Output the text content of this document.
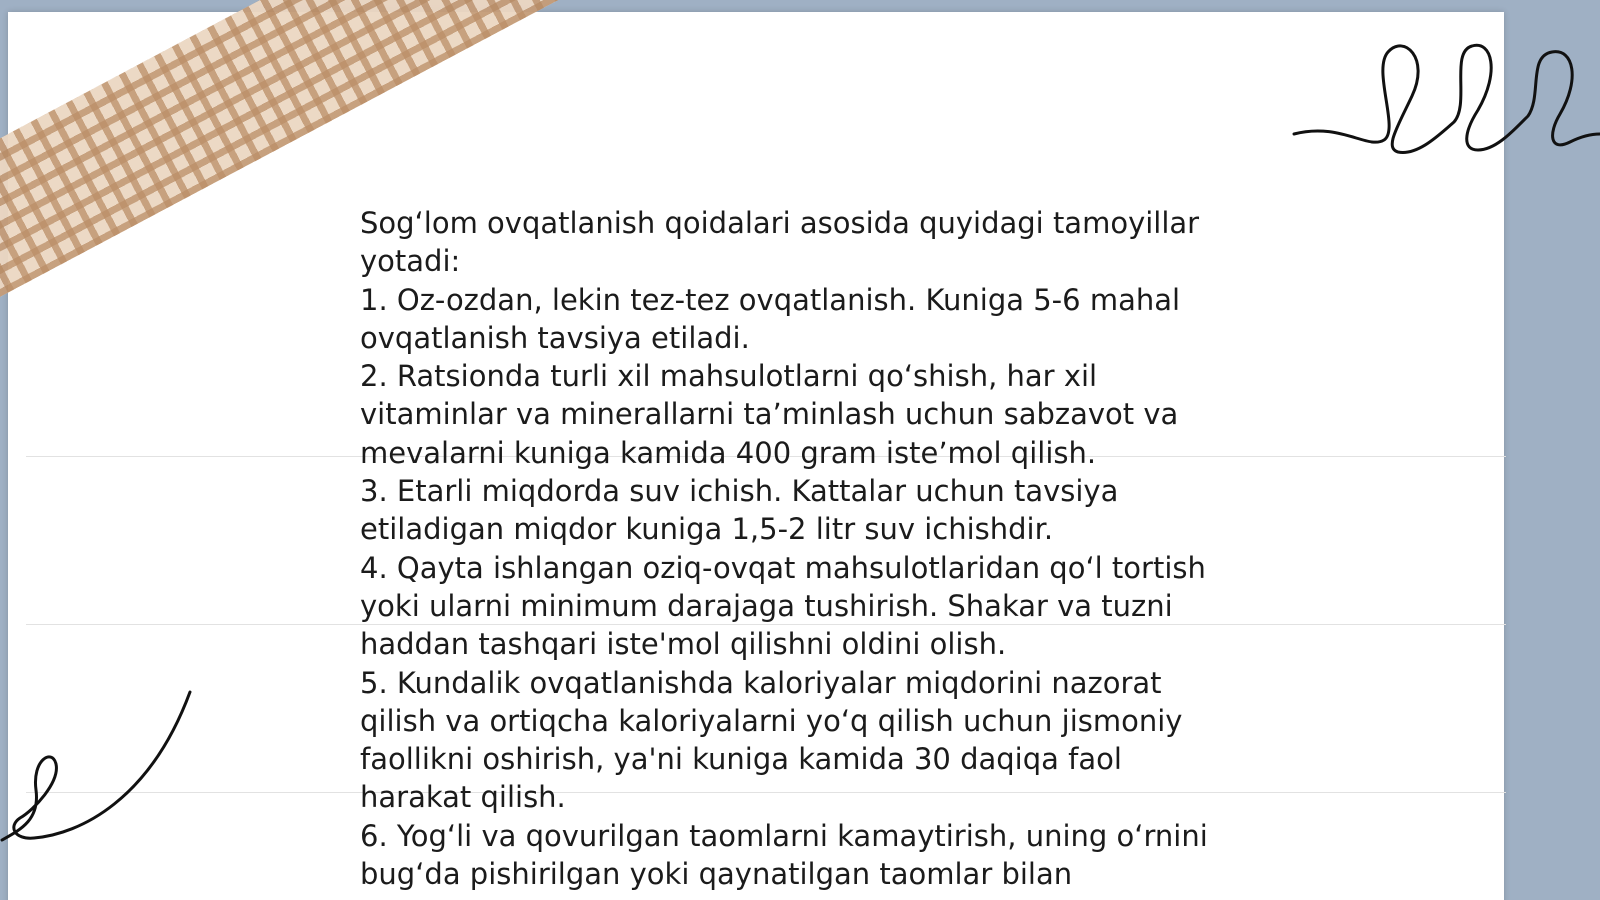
Sog‘lom ovqatlanish qoidalari asosida quyidagi tamoyillar
yotadi:
1. Oz-ozdan, lekin tez-tez ovqatlanish. Kuniga 5-6 mahal
ovqatlanish tavsiya etiladi.
2. Ratsionda turli xil mahsulotlarni qo‘shish, har xil
vitaminlar va minerallarni ta’minlash uchun sabzavot va
mevalarni kuniga kamida 400 gram iste’mol qilish.
3. Etarli miqdorda suv ichish. Kattalar uchun tavsiya
etiladigan miqdor kuniga 1,5-2 litr suv ichishdir.
4. Qayta ishlangan oziq-ovqat mahsulotlaridan qo‘l tortish
yoki ularni minimum darajaga tushirish. Shakar va tuzni
haddan tashqari iste'mol qilishni oldini olish.
5. Kundalik ovqatlanishda kaloriyalar miqdorini nazorat
qilish va ortiqcha kaloriyalarni yo‘q qilish uchun jismoniy
faollikni oshirish, ya'ni kuniga kamida 30 daqiqa faol
harakat qilish.
6. Yog‘li va qovurilgan taomlarni kamaytirish, uning o‘rnini
bug‘da pishirilgan yoki qaynatilgan taomlar bilan
